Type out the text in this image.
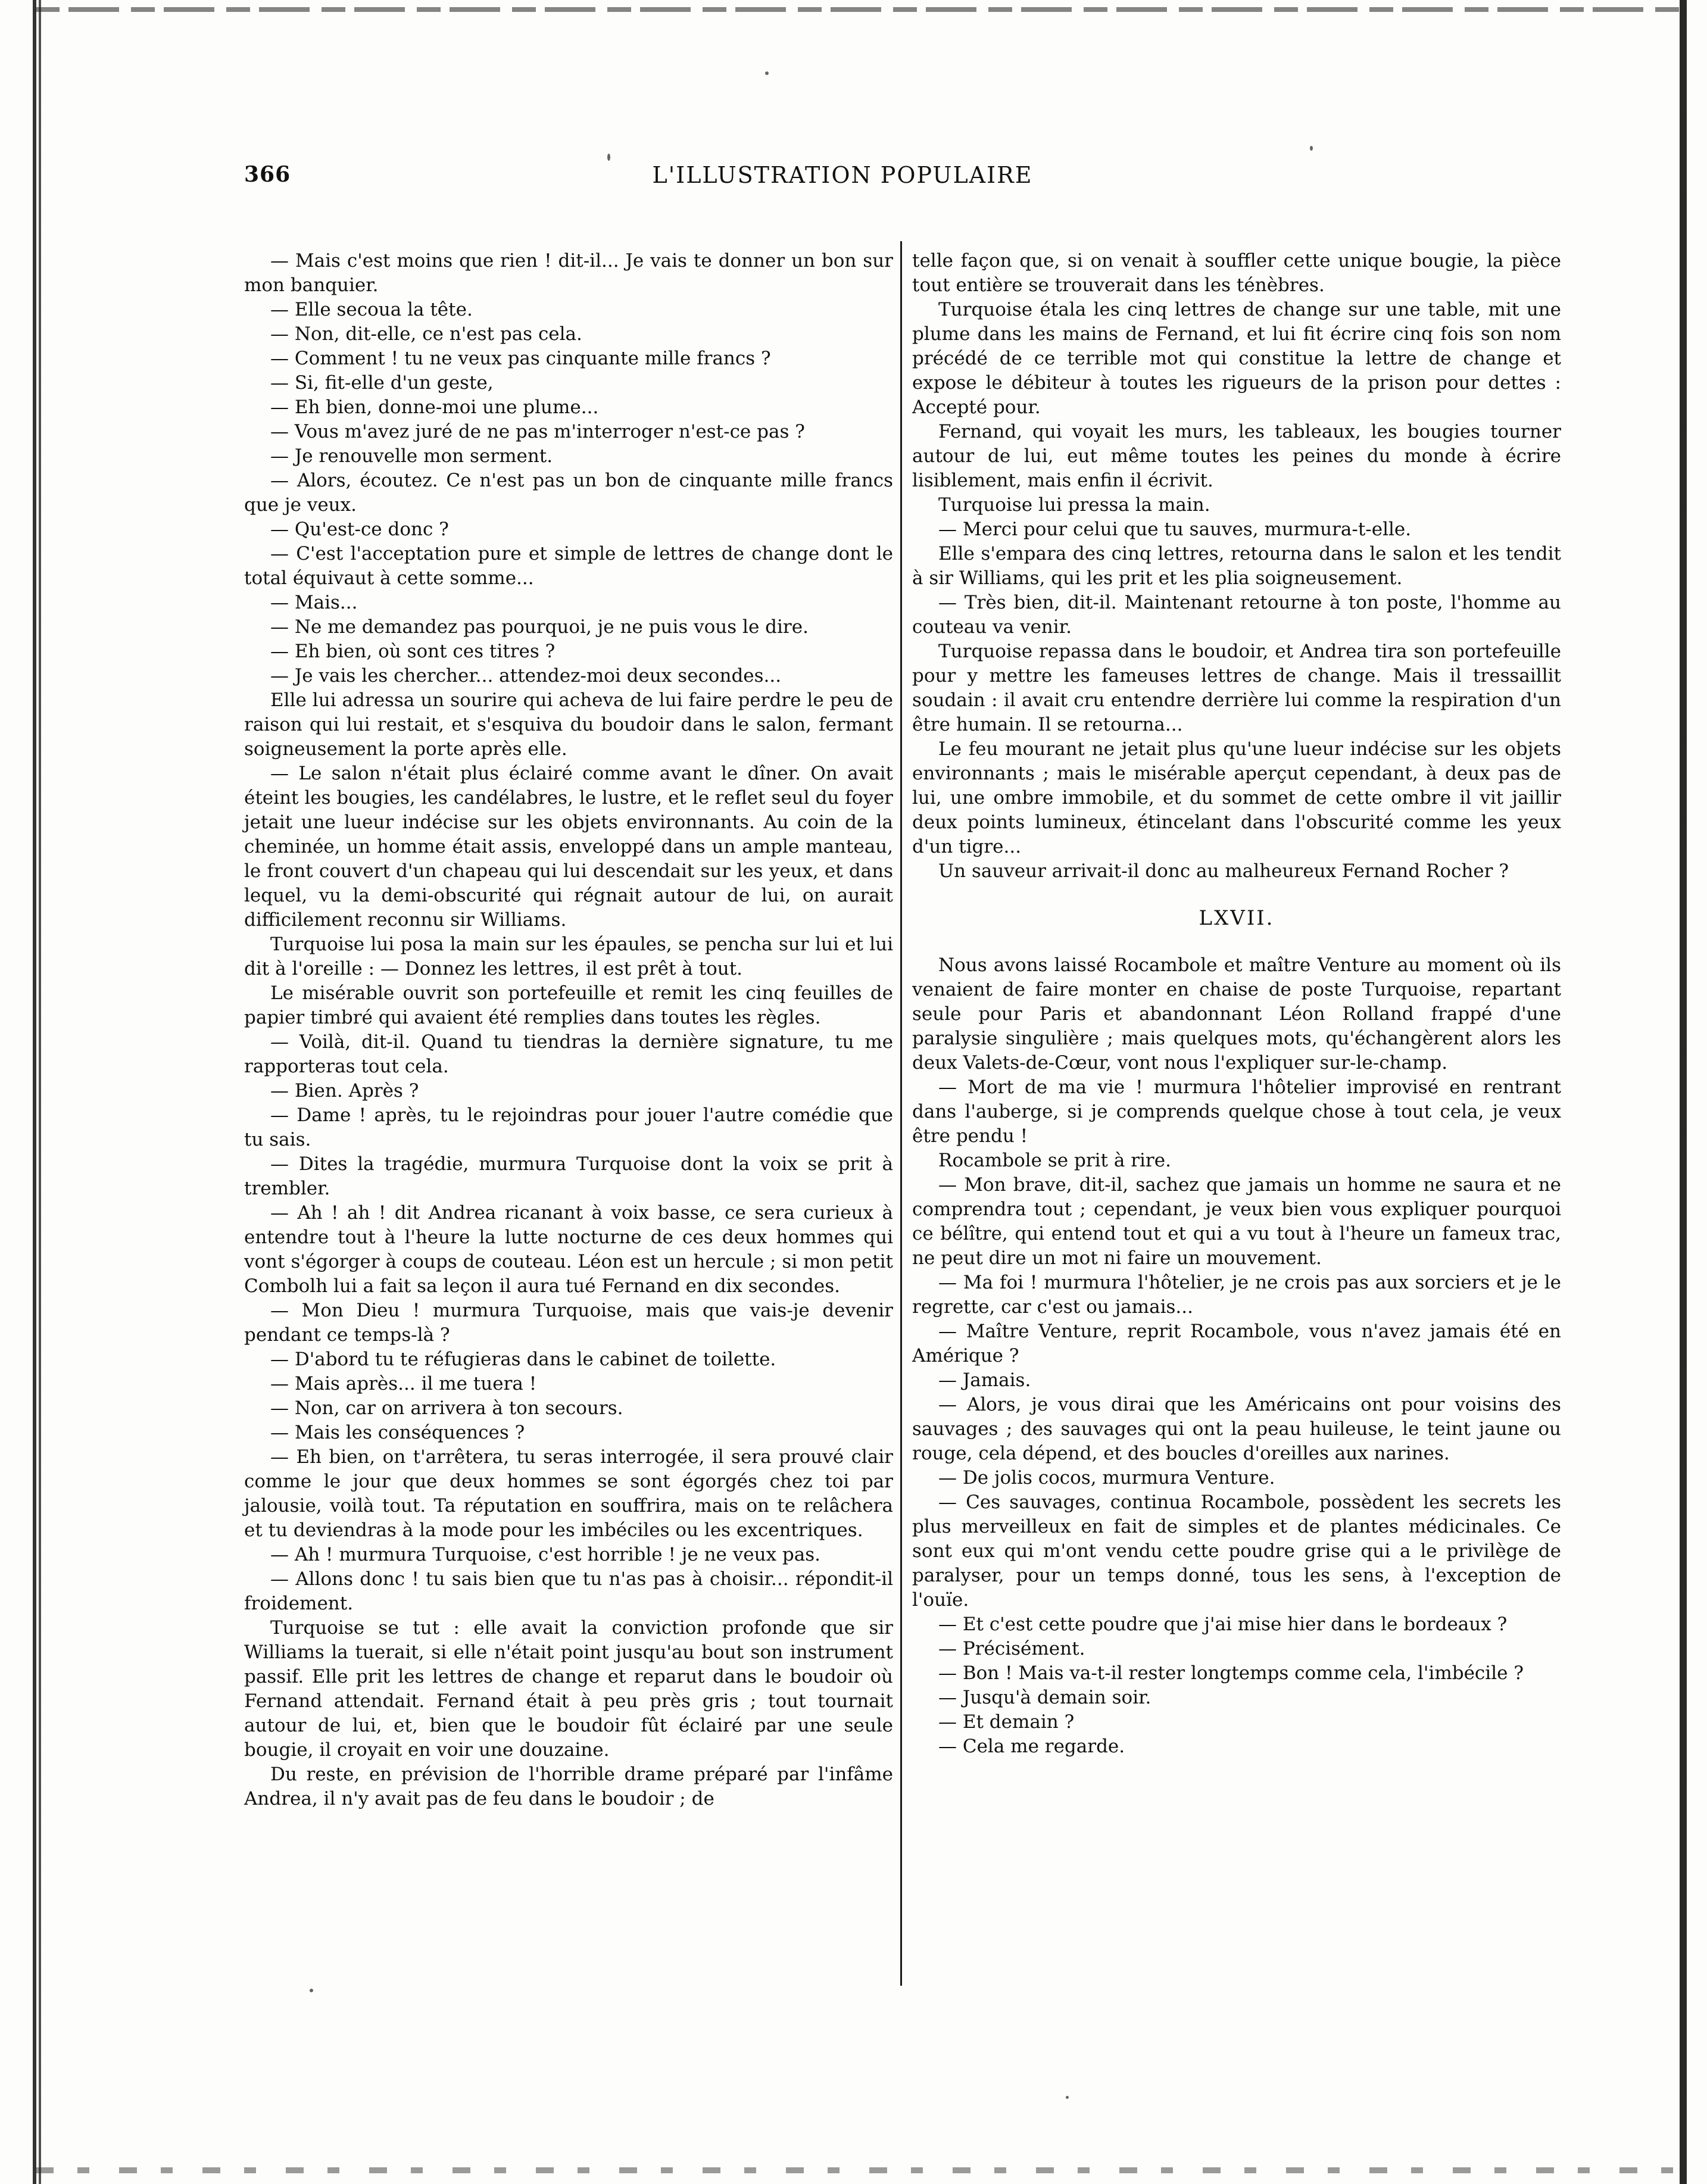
366	L'ILLUSTRATION POPULAIRE

— Mais c'est moins que rien ! dit-il... Je vais te donner un bon sur mon banquier.

— Elle secoua la tête.

— Non, dit-elle, ce n'est pas cela.

— Comment ! tu ne veux pas cinquante mille francs ?

— Si, fit-elle d'un geste,

— Eh bien, donne-moi une plume...

— Vous m'avez juré de ne pas m'interroger n'est-ce pas ?

— Je renouvelle mon serment.

— Alors, écoutez. Ce n'est pas un bon de cinquante mille francs que je veux.

— Qu'est-ce donc ?

— C'est l'acceptation pure et simple de lettres de change dont le total équivaut à cette somme...

— Mais...

— Ne me demandez pas pourquoi, je ne puis vous le dire.

— Eh bien, où sont ces titres ?

— Je vais les chercher... attendez-moi deux secondes...

Elle lui adressa un sourire qui acheva de lui faire perdre le peu de raison qui lui restait, et s'esquiva du boudoir dans le salon, fermant soigneusement la porte après elle.

— Le salon n'était plus éclairé comme avant le dîner. On avait éteint les bougies, les candélabres, le lustre, et le reflet seul du foyer jetait une lueur indécise sur les objets environnants. Au coin de la cheminée, un homme était assis, enveloppé dans un ample manteau, le front couvert d'un chapeau qui lui descendait sur les yeux, et dans lequel, vu la demi-obscurité qui régnait autour de lui, on aurait difficilement reconnu sir Williams.

Turquoise lui posa la main sur les épaules, se pencha sur lui et lui dit à l'oreille : — Donnez les lettres, il est prêt à tout.

Le misérable ouvrit son portefeuille et remit les cinq feuilles de papier timbré qui avaient été remplies dans toutes les règles.

— Voilà, dit-il. Quand tu tiendras la dernière signature, tu me rapporteras tout cela.

— Bien. Après ?

— Dame ! après, tu le rejoindras pour jouer l'autre comédie que tu sais.

— Dites la tragédie, murmura Turquoise dont la voix se prit à trembler.

— Ah ! ah ! dit Andrea ricanant à voix basse, ce sera curieux à entendre tout à l'heure la lutte nocturne de ces deux hommes qui vont s'égorger à coups de couteau. Léon est un hercule ; si mon petit Combolh lui a fait sa leçon il aura tué Fernand en dix secondes.

— Mon Dieu ! murmura Turquoise, mais que vais-je devenir pendant ce temps-là ?

— D'abord tu te réfugieras dans le cabinet de toilette.

— Mais après... il me tuera !

— Non, car on arrivera à ton secours.

— Mais les conséquences ?

— Eh bien, on t'arrêtera, tu seras interrogée, il sera prouvé clair comme le jour que deux hommes se sont égorgés chez toi par jalousie, voilà tout. Ta réputation en souffrira, mais on te relâchera et tu deviendras à la mode pour les imbéciles ou les excentriques.

— Ah ! murmura Turquoise, c'est horrible ! je ne veux pas.

— Allons donc ! tu sais bien que tu n'as pas à choisir... répondit-il froidement.

Turquoise se tut : elle avait la conviction profonde que sir Williams la tuerait, si elle n'était point jusqu'au bout son instrument passif. Elle prit les lettres de change et reparut dans le boudoir où Fernand attendait. Fernand était à peu près gris ; tout tournait autour de lui, et, bien que le boudoir fût éclairé par une seule bougie, il croyait en voir une douzaine.

Du reste, en prévision de l'horrible drame préparé par l'infâme Andrea, il n'y avait pas de feu dans le boudoir ; de

telle façon que, si on venait à souffler cette unique bougie, la pièce tout entière se trouverait dans les ténèbres.

Turquoise étala les cinq lettres de change sur une table, mit une plume dans les mains de Fernand, et lui fit écrire cinq fois son nom précédé de ce terrible mot qui constitue la lettre de change et expose le débiteur à toutes les rigueurs de la prison pour dettes : Accepté pour.

Fernand, qui voyait les murs, les tableaux, les bougies tourner autour de lui, eut même toutes les peines du monde à écrire lisiblement, mais enfin il écrivit.

Turquoise lui pressa la main.

— Merci pour celui que tu sauves, murmura-t-elle.

Elle s'empara des cinq lettres, retourna dans le salon et les tendit à sir Williams, qui les prit et les plia soigneusement.

— Très bien, dit-il. Maintenant retourne à ton poste, l'homme au couteau va venir.

Turquoise repassa dans le boudoir, et Andrea tira son portefeuille pour y mettre les fameuses lettres de change. Mais il tressaillit soudain : il avait cru entendre derrière lui comme la respiration d'un être humain. Il se retourna...

Le feu mourant ne jetait plus qu'une lueur indécise sur les objets environnants ; mais le misérable aperçut cependant, à deux pas de lui, une ombre immobile, et du sommet de cette ombre il vit jaillir deux points lumineux, étincelant dans l'obscurité comme les yeux d'un tigre...

Un sauveur arrivait-il donc au malheureux Fernand Rocher ?

LXVII.

Nous avons laissé Rocambole et maître Venture au moment où ils venaient de faire monter en chaise de poste Turquoise, repartant seule pour Paris et abandonnant Léon Rolland frappé d'une paralysie singulière ; mais quelques mots, qu'échangèrent alors les deux Valets-de-Cœur, vont nous l'expliquer sur-le-champ.

— Mort de ma vie ! murmura l'hôtelier improvisé en rentrant dans l'auberge, si je comprends quelque chose à tout cela, je veux être pendu !

Rocambole se prit à rire.

— Mon brave, dit-il, sachez que jamais un homme ne saura et ne comprendra tout ; cependant, je veux bien vous expliquer pourquoi ce bélître, qui entend tout et qui a vu tout à l'heure un fameux trac, ne peut dire un mot ni faire un mouvement.

— Ma foi ! murmura l'hôtelier, je ne crois pas aux sorciers et je le regrette, car c'est ou jamais...

— Maître Venture, reprit Rocambole, vous n'avez jamais été en Amérique ?

— Jamais.

— Alors, je vous dirai que les Américains ont pour voisins des sauvages ; des sauvages qui ont la peau huileuse, le teint jaune ou rouge, cela dépend, et des boucles d'oreilles aux narines.

— De jolis cocos, murmura Venture.

— Ces sauvages, continua Rocambole, possèdent les secrets les plus merveilleux en fait de simples et de plantes médicinales. Ce sont eux qui m'ont vendu cette poudre grise qui a le privilège de paralyser, pour un temps donné, tous les sens, à l'exception de l'ouïe.

— Et c'est cette poudre que j'ai mise hier dans le bordeaux ?

— Précisément.

— Bon ! Mais va-t-il rester longtemps comme cela, l'imbécile ?

— Jusqu'à demain soir.

— Et demain ?

— Cela me regarde.
